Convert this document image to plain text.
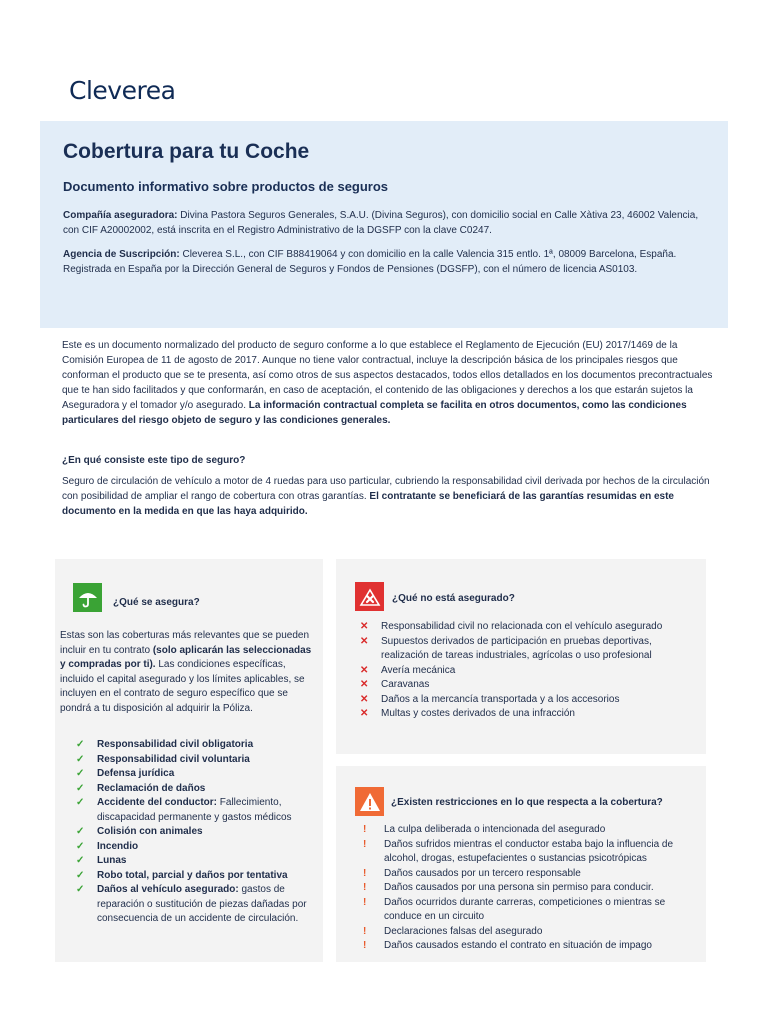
Cleverea
Cobertura para tu Coche
Documento informativo sobre productos de seguros

Compañía aseguradora: Divina Pastora Seguros Generales, S.A.U. (Divina Seguros), con domicilio social en Calle Xàtiva 23, 46002 Valencia, con CIF A20002002, está inscrita en el Registro Administrativo de la DGSFP con la clave C0247.

Agencia de Suscripción: Cleverea S.L., con CIF B88419064 y con domicilio en la calle Valencia 315 entlo. 1ª, 08009 Barcelona, España. Registrada en España por la Dirección General de Seguros y Fondos de Pensiones (DGSFP), con el número de licencia AS0103.

Este es un documento normalizado del producto de seguro conforme a lo que establece el Reglamento de Ejecución (EU) 2017/1469 de la Comisión Europea de 11 de agosto de 2017. Aunque no tiene valor contractual, incluye la descripción básica de los principales riesgos que conforman el producto que se te presenta, así como otros de sus aspectos destacados, todos ellos detallados en los documentos precontractuales que te han sido facilitados y que conformarán, en caso de aceptación, el contenido de las obligaciones y derechos a los que estarán sujetos la Aseguradora y el tomador y/o asegurado. La información contractual completa se facilita en otros documentos, como las condiciones particulares del riesgo objeto de seguro y las condiciones generales.

¿En qué consiste este tipo de seguro?

Seguro de circulación de vehículo a motor de 4 ruedas para uso particular, cubriendo la responsabilidad civil derivada por hechos de la circulación con posibilidad de ampliar el rango de cobertura con otras garantías. El contratante se beneficiará de las garantías resumidas en este documento en la medida en que las haya adquirido.

¿Qué se asegura?

Estas son las coberturas más relevantes que se pueden incluir en tu contrato (solo aplicarán las seleccionadas y compradas por ti). Las condiciones específicas, incluido el capital asegurado y los límites aplicables, se incluyen en el contrato de seguro específico que se pondrá a tu disposición al adquirir la Póliza.

✓ Responsabilidad civil obligatoria
✓ Responsabilidad civil voluntaria
✓ Defensa jurídica
✓ Reclamación de daños
✓ Accidente del conductor: Fallecimiento, discapacidad permanente y gastos médicos
✓ Colisión con animales
✓ Incendio
✓ Lunas
✓ Robo total, parcial y daños por tentativa
✓ Daños al vehículo asegurado: gastos de reparación o sustitución de piezas dañadas por consecuencia de un accidente de circulación.
¿Qué no está asegurado?
✕ Responsabilidad civil no relacionada con el vehículo asegurado
✕ Supuestos derivados de participación en pruebas deportivas, realización de tareas industriales, agrícolas o uso profesional
✕ Avería mecánica
✕ Caravanas
✕ Daños a la mercancía transportada y a los accesorios
✕ Multas y costes derivados de una infracción
¿Existen restricciones en lo que respecta a la cobertura?
! La culpa deliberada o intencionada del asegurado
! Daños sufridos mientras el conductor estaba bajo la influencia de alcohol, drogas, estupefacientes o sustancias psicotrópicas
! Daños causados por un tercero responsable
! Daños causados por una persona sin permiso para conducir.
! Daños ocurridos durante carreras, competiciones o mientras se conduce en un circuito
! Declaraciones falsas del asegurado
! Daños causados estando el contrato en situación de impago
